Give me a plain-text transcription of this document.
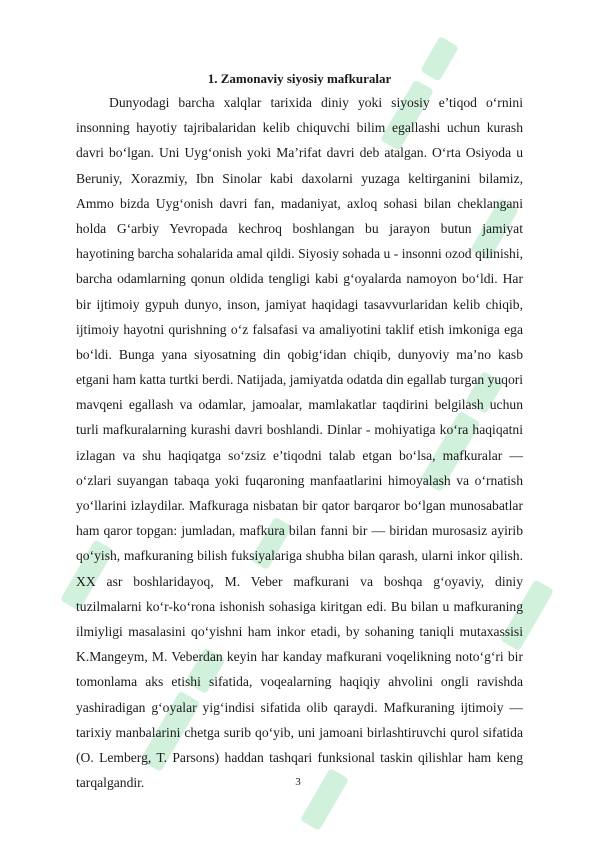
1. Zamonaviy siyosiy mafkuralar
Dunyodagi barcha xalqlar tarixida diniy yoki siyosiy e’tiqod o‘rnini
insonning hayotiy tajribalaridan kelib chiquvchi bilim egallashi uchun kurash
davri bo‘lgan. Uni Uyg‘onish yoki Ma’rifat davri deb atalgan. O‘rta Osiyoda u
Beruniy, Xorazmiy, Ibn Sinolar kabi daxolarni yuzaga keltirganini bilamiz,
Ammo bizda Uyg‘onish davri fan, madaniyat, axloq sohasi bilan cheklangani
holda G‘arbiy Yevropada kechroq boshlangan bu jarayon butun jamiyat
hayotining barcha sohalarida amal qildi. Siyosiy sohada u - insonni ozod qilinishi,
barcha odamlarning qonun oldida tengligi kabi g‘oyalarda namoyon bo‘ldi. Har
bir ijtimoiy gypuh dunyo, inson, jamiyat haqidagi tasavvurlaridan kelib chiqib,
ijtimoiy hayotni qurishning o‘z falsafasi va amaliyotini taklif etish imkoniga ega
bo‘ldi. Bunga yana siyosatning din qobig‘idan chiqib, dunyoviy ma’no kasb
etgani ham katta turtki berdi. Natijada, jamiyatda odatda din egallab turgan yuqori
mavqeni egallash va odamlar, jamoalar, mamlakatlar taqdirini belgilash uchun
turli mafkuralarning kurashi davri boshlandi. Dinlar - mohiyatiga ko‘ra haqiqatni
izlagan va shu haqiqatga so‘zsiz e’tiqodni talab etgan bo‘lsa, mafkuralar —
o‘zlari suyangan tabaqa yoki fuqaroning manfaatlarini himoyalash va o‘rnatish
yo‘llarini izlaydilar. Mafkuraga nisbatan bir qator barqaror bo‘lgan munosabatlar
ham qaror topgan: jumladan, mafkura bilan fanni bir — biridan murosasiz ayirib
qo‘yish, mafkuraning bilish fuksiyalariga shubha bilan qarash, ularni inkor qilish.
XX asr boshlaridayoq, M. Veber mafkurani va boshqa g‘oyaviy, diniy
tuzilmalarni ko‘r-ko‘rona ishonish sohasiga kiritgan edi. Bu bilan u mafkuraning
ilmiyligi masalasini qo‘yishni ham inkor etadi, by sohaning taniqli mutaxassisi
K.Mangeym, M. Veberdan keyin har kanday mafkurani voqelikning noto‘g‘ri bir
tomonlama aks etishi sifatida, voqealarning haqiqiy ahvolini ongli ravishda
yashiradigan g‘oyalar yig‘indisi sifatida olib qaraydi. Mafkuraning ijtimoiy —
tarixiy manbalarini chetga surib qo‘yib, uni jamoani birlashtiruvchi qurol sifatida
(O. Lemberg, T. Parsons) haddan tashqari funksional taskin qilishlar ham keng
tarqalgandir.	3
